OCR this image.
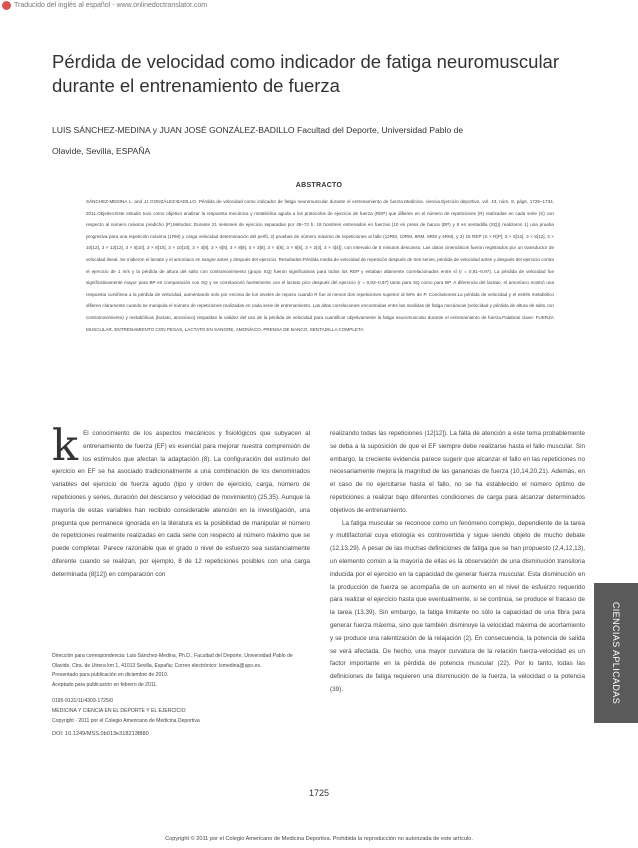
Traducido del inglés al español - www.onlinedoctranslator.com
Pérdida de velocidad como indicador de fatiga neuromuscular durante el entrenamiento de fuerza
LUIS SÁNCHEZ-MEDINA y JUAN JOSÉ GONZÁLEZ-BADILLO Facultad del Deporte, Universidad Pablo de Olavide, Sevilla, ESPAÑA
ABSTRACTO
SÁNCHEZ-MEDINA L. and JJ GONZÁLEZ-BADILLO. Pérdida de velocidad como indicador de fatiga neuromuscular durante el entrenamiento de fuerza.Medicina. ciencia.Ejercicio deportivo, vol. 43, núm. 9, págs. 1725–1734, 2011.Objetivo:Este estudio tuvo como objetivo analizar la respuesta mecánica y metabólica aguda a los protocolos de ejercicio de fuerza (REP) que difieren en el número de repeticiones (R) realizadas en cada serie (S) con respecto al número máximo predicho (P).Métodos: Durante 21 sesiones de ejercicio separadas por 48–72 h, 18 hombres entrenados en fuerzas (10 en press de banca (BP) y 8 en sentadilla (SQ)) realizaron 1) una prueba progresiva para una repetición máxima (1RM) y carga velocidad determinación del perfil, 2) pruebas de número máximo de repeticiones al fallo (12RM, 10RM, 8RM, 6RM y 4RM), y 3) 15 REP (S × R[P]: 3 × 6[12], 3 × 8[12], 3 × 10[12], 3 × 12[12], 3 × 6[10], 3 × 8[10], 3 × 10[10], 3 × 4[8], 3 × 6[8], 3 × 8[8], 3 × 3[6], 3 × 4[6], 3 × 6[6], 3 × 2[4], 3 × 4[4]), con intervalo de 5 minutos descanso. Las datos cinemáticos fueron registrados por un transductor de velocidad lineal. Se midieron el lactato y el amoníaco en sangre antes y después del ejercicio. Resultados:Pérdida media de velocidad de repetición después de tres series, pérdida de velocidad antes y después del ejercicio contra el ejercicio de 1 m/s y la pérdida de altura del salto con contramovimiento (grupo SQ) fueron significativas para todos los REP y estaban altamente correlacionados entre sí (r = 0,91–0,97). La pérdida de velocidad fue significativamente mayor para BP en comparación con SQ y se correlacionó fuertemente con el lactato pico después del ejercicio (r = 0,93–0,97) tanto para SQ como para BP. A diferencia del lactato, el amoníaco mostró una respuesta curvilínea a la pérdida de velocidad, aumentando solo por encima de los niveles de reposo cuando R fue al menos dos repeticiones superior al 50% de P. Conclusiones:La pérdida de velocidad y el estrés metabólico difieren claramente cuando se manipula el número de repeticiones realizadas en cada serie de entrenamiento. Las altas correlaciones encontradas entre las medidas de fatiga mecánicas (velocidad y pérdida de altura de salto con contramovimiento) y metabólicas (lactato, amoníaco) respaldan la validez del uso de la pérdida de velocidad para cuantificar objetivamente la fatiga neuromuscular durante el entrenamiento de fuerza.Palabras clave: FUERZA MUSCULAR, ENTRENAMIENTO CON PESAS, LACTATO EN SANGRE, AMONÍACO, PRENSA DE BANCO, SENTADILLA COMPLETA
k El conocimiento de los aspectos mecánicos y fisiológicos que subyacen al entrenamiento de fuerza (EF) es esencial para mejorar nuestra comprensión de los estímulos que afectan la adaptación (8). La configuración del estímulo del ejercicio en EF se ha asociado tradicionalmente a una combinación de los denominados variables del ejercicio de fuerza agudo (tipo y orden de ejercicio, carga, número de repeticiones y series, duración del descanso y velocidad de movimiento) (25,35). Aunque la mayoría de estas variables han recibido considerable atención en la investigación, una pregunta que permanece ignorada en la literatura es la posibilidad de manipular el número de repeticiones realmente realizadas en cada serie con respecto al número máximo que se puede completar. Parece razonable que el grado o nivel de esfuerzo sea sustancialmente diferente cuando se realizan, por ejemplo, 8 de 12 repeticiones posibles con una carga determinada (8[12]) en comparación con

realizando todas las repeticiones (12[12]). La falta de atención a este tema probablemente se deba a la suposición de que el EF siempre debe realizarse hasta el fallo muscular. Sin embargo, la creciente evidencia parece sugerir que alcanzar el fallo en las repeticiones no necesariamente mejora la magnitud de las ganancias de fuerza (10,14,20,21). Además, en el caso de no ejercitarse hasta el fallo, no se ha establecido el número óptimo de repeticiones a realizar bajo diferentes condiciones de carga para alcanzar determinados objetivos de entrenamiento.

La fatiga muscular se reconoce como un fenómeno complejo, dependiente de la tarea y multifactorial cuya etiología es controvertida y sigue siendo objeto de mucho debate (12,13,29). A pesar de las muchas definiciones de fatiga que se han propuesto (2,4,12,13), un elemento común a la mayoría de ellas es la observación de una disminución transitoria inducida por el ejercicio en la capacidad de generar fuerza muscular. Esta disminución en la producción de fuerza se acompaña de un aumento en el nivel de esfuerzo requerido para realizar el ejercicio hasta que eventualmente, si se continúa, se produce el fracaso de la tarea (13,39). Sin embargo, la fatiga limitante no sólo la capacidad de una fibra para generar fuerza máxima, sino que también disminuye la velocidad máxima de acortamiento y se produce una ralentización de la relajación (2). En consecuencia, la potencia de salida se verá afectada. De hecho, una mayor curvatura de la relación fuerza-velocidad es un factor importante en la pérdida de potencia muscular (22). Por lo tanto, todas las definiciones de fatiga requieren una disminución de la fuerza, la velocidad o la potencia (39).

Dirección para correspondencia: Luis Sánchez-Medina, Ph.D., Facultad del Deporte, Universidad Pablo de Olavide, Ctra. de Utrera km 1, 41013 Sevilla, España; Correo electrónico: lsmedina@upo.es.
Presentado para publicación en diciembre de 2010.
Aceptado para publicación en febrero de 2011.
0195-9131/11/4309-1725/0
MEDICINA Y CIENCIA EN EL DEPORTE Y EL EJERCICIO
Copyright · 2011 por el Colegio Americano de Medicina Deportiva
DOI: 10.1249/MSS.0b013e318213f880
CIENCIAS APLICADAS
1725
Copyright © 2011 por el Colegio Americano de Medicina Deportiva. Prohibida la reproducción no autorizada de este artículo.
